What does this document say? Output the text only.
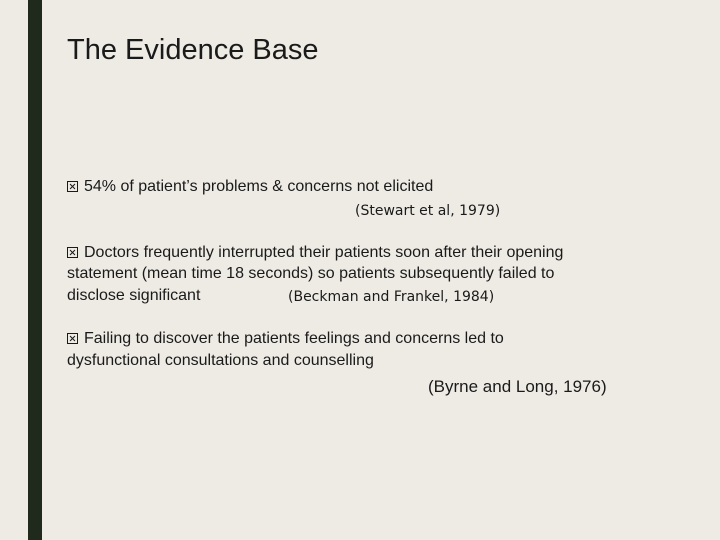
The Evidence Base
54% of patient’s problems & concerns not elicited
(Stewart et al, 1979)
Doctors frequently interrupted their patients soon after their opening
statement (mean time 18 seconds) so patients subsequently failed to
disclose significant	(Beckman and Frankel, 1984)
Failing to discover the patients feelings and concerns led to
dysfunctional consultations and counselling
(Byrne and Long, 1976)
